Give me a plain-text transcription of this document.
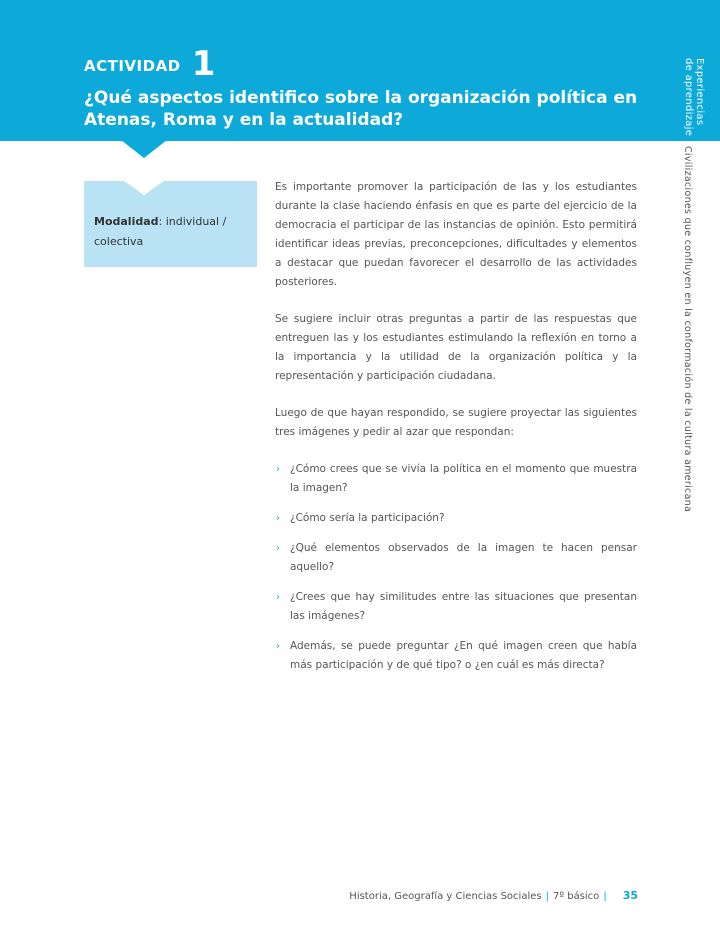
ACTIVIDAD 1
¿Qué aspectos identifico sobre la organización política en Atenas, Roma y en la actualidad?	Experiencias
de aprendizaje
Civilizaciones que confluyen en la conformación de la cultura americana
Modalidad: individual / colectiva

Es importante promover la participación de las y los estudiantes durante la clase haciendo énfasis en que es parte del ejercicio de la democracia el participar de las instancias de opinión. Esto permitirá identificar ideas previas, preconcepciones, dificultades y elementos a destacar que puedan favorecer el desarrollo de las actividades posteriores.

Se sugiere incluir otras preguntas a partir de las respuestas que entreguen las y los estudiantes estimulando la reflexión en torno a la importancia y la utilidad de la organización política y la representación y participación ciudadana.

Luego de que hayan respondido, se sugiere proyectar las siguientes tres imágenes y pedir al azar que respondan:

› ¿Cómo crees que se vivía la política en el momento que muestra la imagen?
› ¿Cómo sería la participación?
› ¿Qué elementos observados de la imagen te hacen pensar aquello?
› ¿Crees que hay similitudes entre las situaciones que presentan las imágenes?
› Además, se puede preguntar ¿En qué imagen creen que había más participación y de qué tipo? o ¿en cuál es más directa?
Historia, Geografía y Ciencias Sociales | 7º básico | 35
